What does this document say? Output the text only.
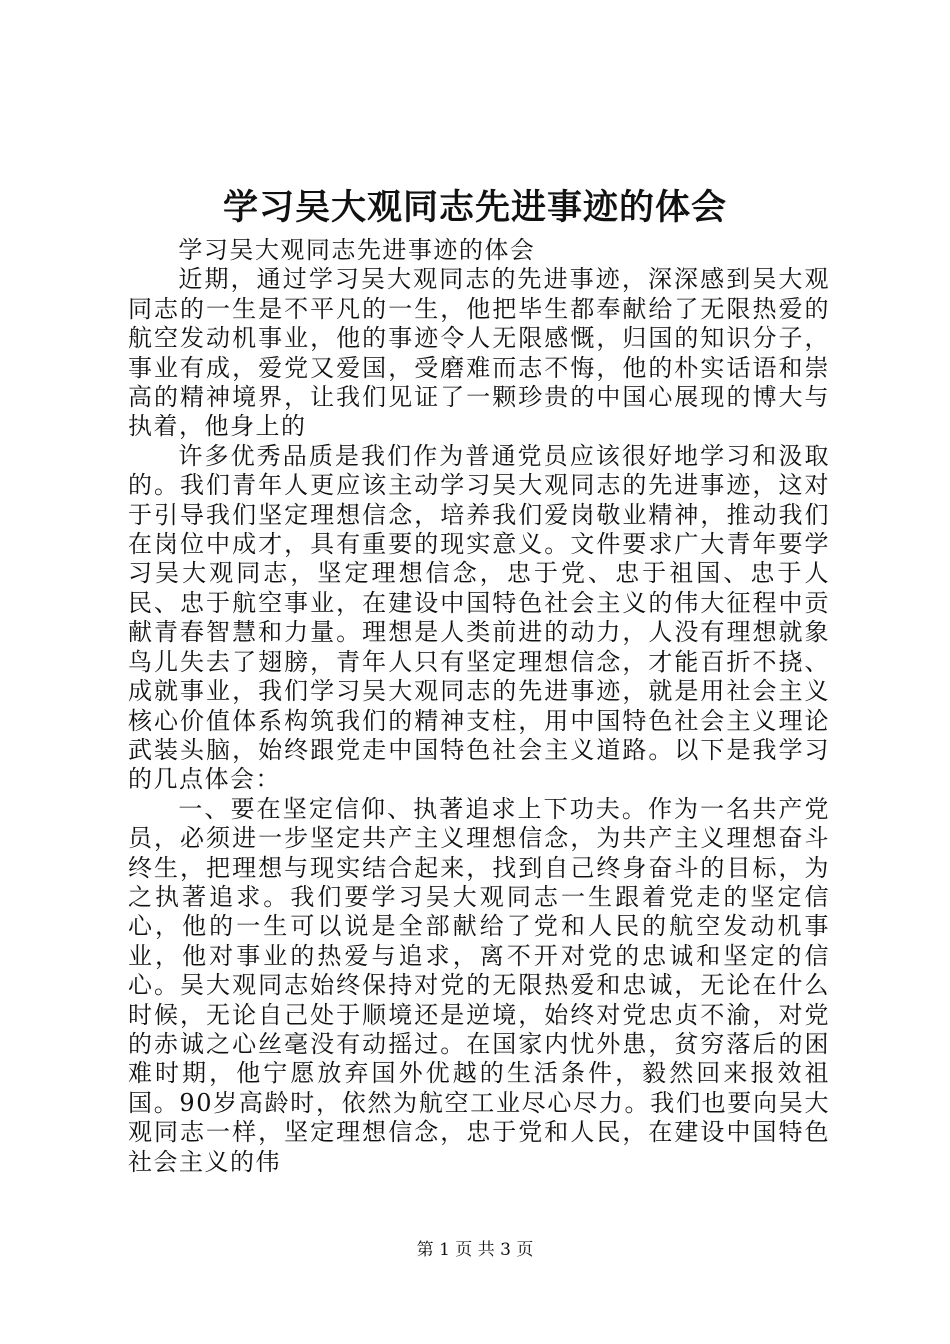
学习吴大观同志先进事迹的体会

学习吴大观同志先进事迹的体会

近期，通过学习吴大观同志的先进事迹，深深感到吴大观同志的一生是不平凡的一生，他把毕生都奉献给了无限热爱的航空发动机事业，他的事迹令人无限感慨，归国的知识分子，事业有成，爱党又爱国，受磨难而志不悔，他的朴实话语和崇高的精神境界，让我们见证了一颗珍贵的中国心展现的博大与执着，他身上的

许多优秀品质是我们作为普通党员应该很好地学习和汲取的。我们青年人更应该主动学习吴大观同志的先进事迹，这对于引导我们坚定理想信念，培养我们爱岗敬业精神，推动我们在岗位中成才，具有重要的现实意义。文件要求广大青年要学习吴大观同志，坚定理想信念，忠于党、忠于祖国、忠于人民、忠于航空事业，在建设中国特色社会主义的伟大征程中贡献青春智慧和力量。理想是人类前进的动力，人没有理想就象鸟儿失去了翅膀，青年人只有坚定理想信念，才能百折不挠、成就事业，我们学习吴大观同志的先进事迹，就是用社会主义核心价值体系构筑我们的精神支柱，用中国特色社会主义理论武装头脑，始终跟党走中国特色社会主义道路。以下是我学习的几点体会：

一、要在坚定信仰、执著追求上下功夫。作为一名共产党员，必须进一步坚定共产主义理想信念，为共产主义理想奋斗终生，把理想与现实结合起来，找到自己终身奋斗的目标，为之执著追求。我们要学习吴大观同志一生跟着党走的坚定信心，他的一生可以说是全部献给了党和人民的航空发动机事业，他对事业的热爱与追求，离不开对党的忠诚和坚定的信心。吴大观同志始终保持对党的无限热爱和忠诚，无论在什么时候，无论自己处于顺境还是逆境，始终对党忠贞不渝，对党的赤诚之心丝毫没有动摇过。在国家内忧外患，贫穷落后的困难时期，他宁愿放弃国外优越的生活条件，毅然回来报效祖国。90岁高龄时，依然为航空工业尽心尽力。我们也要向吴大观同志一样，坚定理想信念，忠于党和人民，在建设中国特色社会主义的伟

第 1 页 共 3 页
